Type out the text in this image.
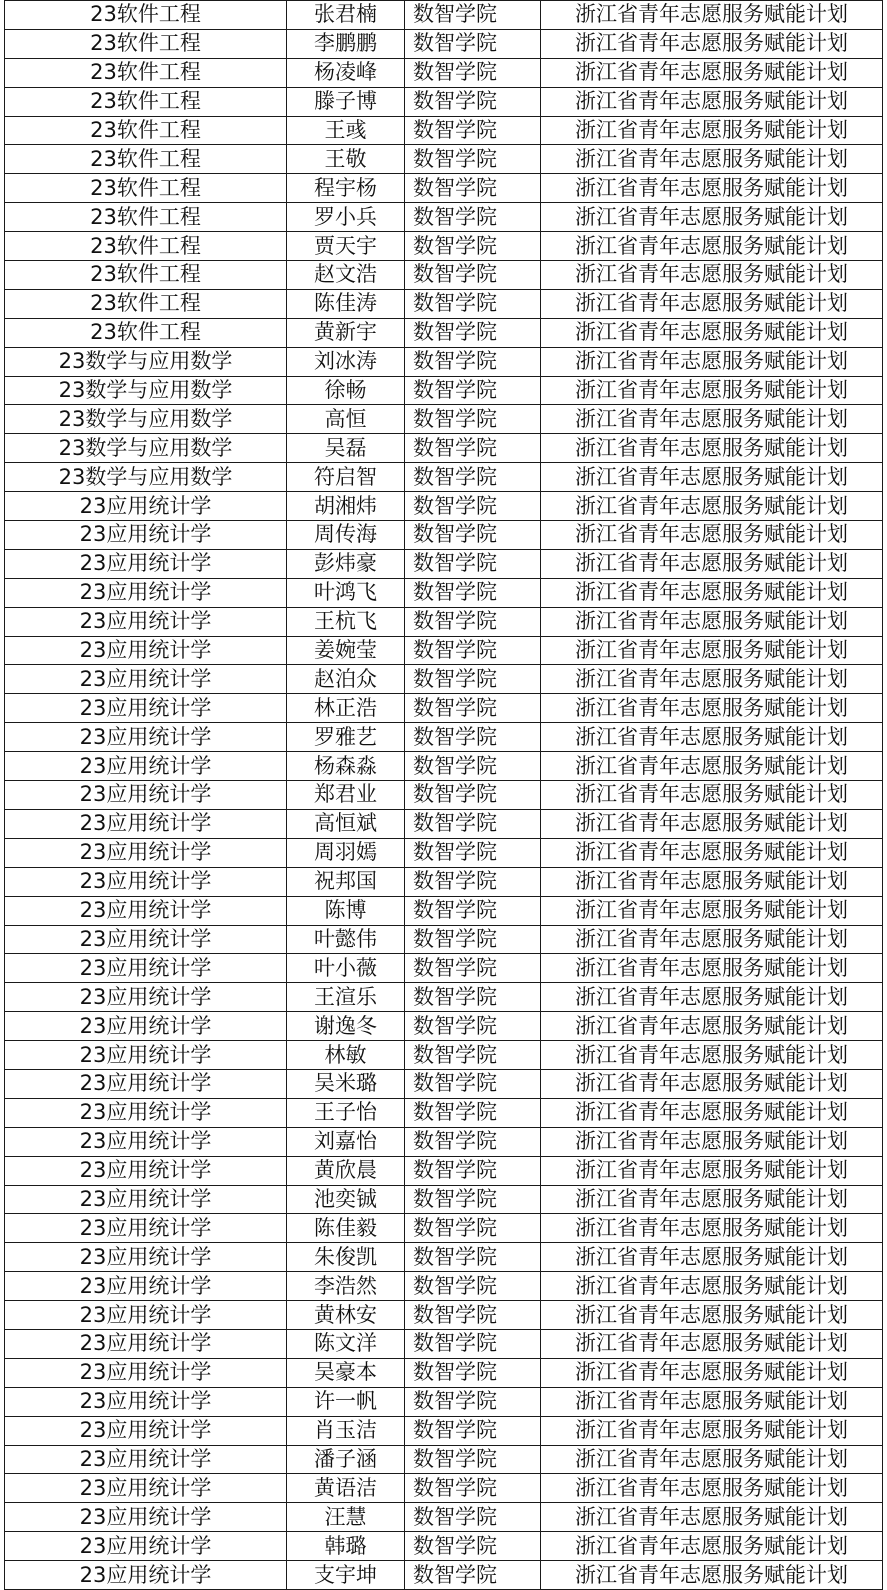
23软件工程	张君楠	数智学院	浙江省青年志愿服务赋能计划
23软件工程	李鹏鹏	数智学院	浙江省青年志愿服务赋能计划
23软件工程	杨凌峰	数智学院	浙江省青年志愿服务赋能计划
23软件工程	滕子博	数智学院	浙江省青年志愿服务赋能计划
23软件工程	王彧	数智学院	浙江省青年志愿服务赋能计划
23软件工程	王敬	数智学院	浙江省青年志愿服务赋能计划
23软件工程	程宇杨	数智学院	浙江省青年志愿服务赋能计划
23软件工程	罗小兵	数智学院	浙江省青年志愿服务赋能计划
23软件工程	贾天宇	数智学院	浙江省青年志愿服务赋能计划
23软件工程	赵文浩	数智学院	浙江省青年志愿服务赋能计划
23软件工程	陈佳涛	数智学院	浙江省青年志愿服务赋能计划
23软件工程	黄新宇	数智学院	浙江省青年志愿服务赋能计划
23数学与应用数学	刘冰涛	数智学院	浙江省青年志愿服务赋能计划
23数学与应用数学	徐畅	数智学院	浙江省青年志愿服务赋能计划
23数学与应用数学	高恒	数智学院	浙江省青年志愿服务赋能计划
23数学与应用数学	吴磊	数智学院	浙江省青年志愿服务赋能计划
23数学与应用数学	符启智	数智学院	浙江省青年志愿服务赋能计划
23应用统计学	胡湘炜	数智学院	浙江省青年志愿服务赋能计划
23应用统计学	周传海	数智学院	浙江省青年志愿服务赋能计划
23应用统计学	彭炜豪	数智学院	浙江省青年志愿服务赋能计划
23应用统计学	叶鸿飞	数智学院	浙江省青年志愿服务赋能计划
23应用统计学	王杭飞	数智学院	浙江省青年志愿服务赋能计划
23应用统计学	姜婉莹	数智学院	浙江省青年志愿服务赋能计划
23应用统计学	赵泊众	数智学院	浙江省青年志愿服务赋能计划
23应用统计学	林正浩	数智学院	浙江省青年志愿服务赋能计划
23应用统计学	罗雅艺	数智学院	浙江省青年志愿服务赋能计划
23应用统计学	杨森淼	数智学院	浙江省青年志愿服务赋能计划
23应用统计学	郑君业	数智学院	浙江省青年志愿服务赋能计划
23应用统计学	高恒斌	数智学院	浙江省青年志愿服务赋能计划
23应用统计学	周羽嫣	数智学院	浙江省青年志愿服务赋能计划
23应用统计学	祝邦国	数智学院	浙江省青年志愿服务赋能计划
23应用统计学	陈博	数智学院	浙江省青年志愿服务赋能计划
23应用统计学	叶懿伟	数智学院	浙江省青年志愿服务赋能计划
23应用统计学	叶小薇	数智学院	浙江省青年志愿服务赋能计划
23应用统计学	王渲乐	数智学院	浙江省青年志愿服务赋能计划
23应用统计学	谢逸冬	数智学院	浙江省青年志愿服务赋能计划
23应用统计学	林敏	数智学院	浙江省青年志愿服务赋能计划
23应用统计学	吴米璐	数智学院	浙江省青年志愿服务赋能计划
23应用统计学	王子怡	数智学院	浙江省青年志愿服务赋能计划
23应用统计学	刘嘉怡	数智学院	浙江省青年志愿服务赋能计划
23应用统计学	黄欣晨	数智学院	浙江省青年志愿服务赋能计划
23应用统计学	池奕铖	数智学院	浙江省青年志愿服务赋能计划
23应用统计学	陈佳毅	数智学院	浙江省青年志愿服务赋能计划
23应用统计学	朱俊凯	数智学院	浙江省青年志愿服务赋能计划
23应用统计学	李浩然	数智学院	浙江省青年志愿服务赋能计划
23应用统计学	黄林安	数智学院	浙江省青年志愿服务赋能计划
23应用统计学	陈文洋	数智学院	浙江省青年志愿服务赋能计划
23应用统计学	吴豪本	数智学院	浙江省青年志愿服务赋能计划
23应用统计学	许一帆	数智学院	浙江省青年志愿服务赋能计划
23应用统计学	肖玉洁	数智学院	浙江省青年志愿服务赋能计划
23应用统计学	潘子涵	数智学院	浙江省青年志愿服务赋能计划
23应用统计学	黄语洁	数智学院	浙江省青年志愿服务赋能计划
23应用统计学	汪慧	数智学院	浙江省青年志愿服务赋能计划
23应用统计学	韩璐	数智学院	浙江省青年志愿服务赋能计划
23应用统计学	支宇坤	数智学院	浙江省青年志愿服务赋能计划
